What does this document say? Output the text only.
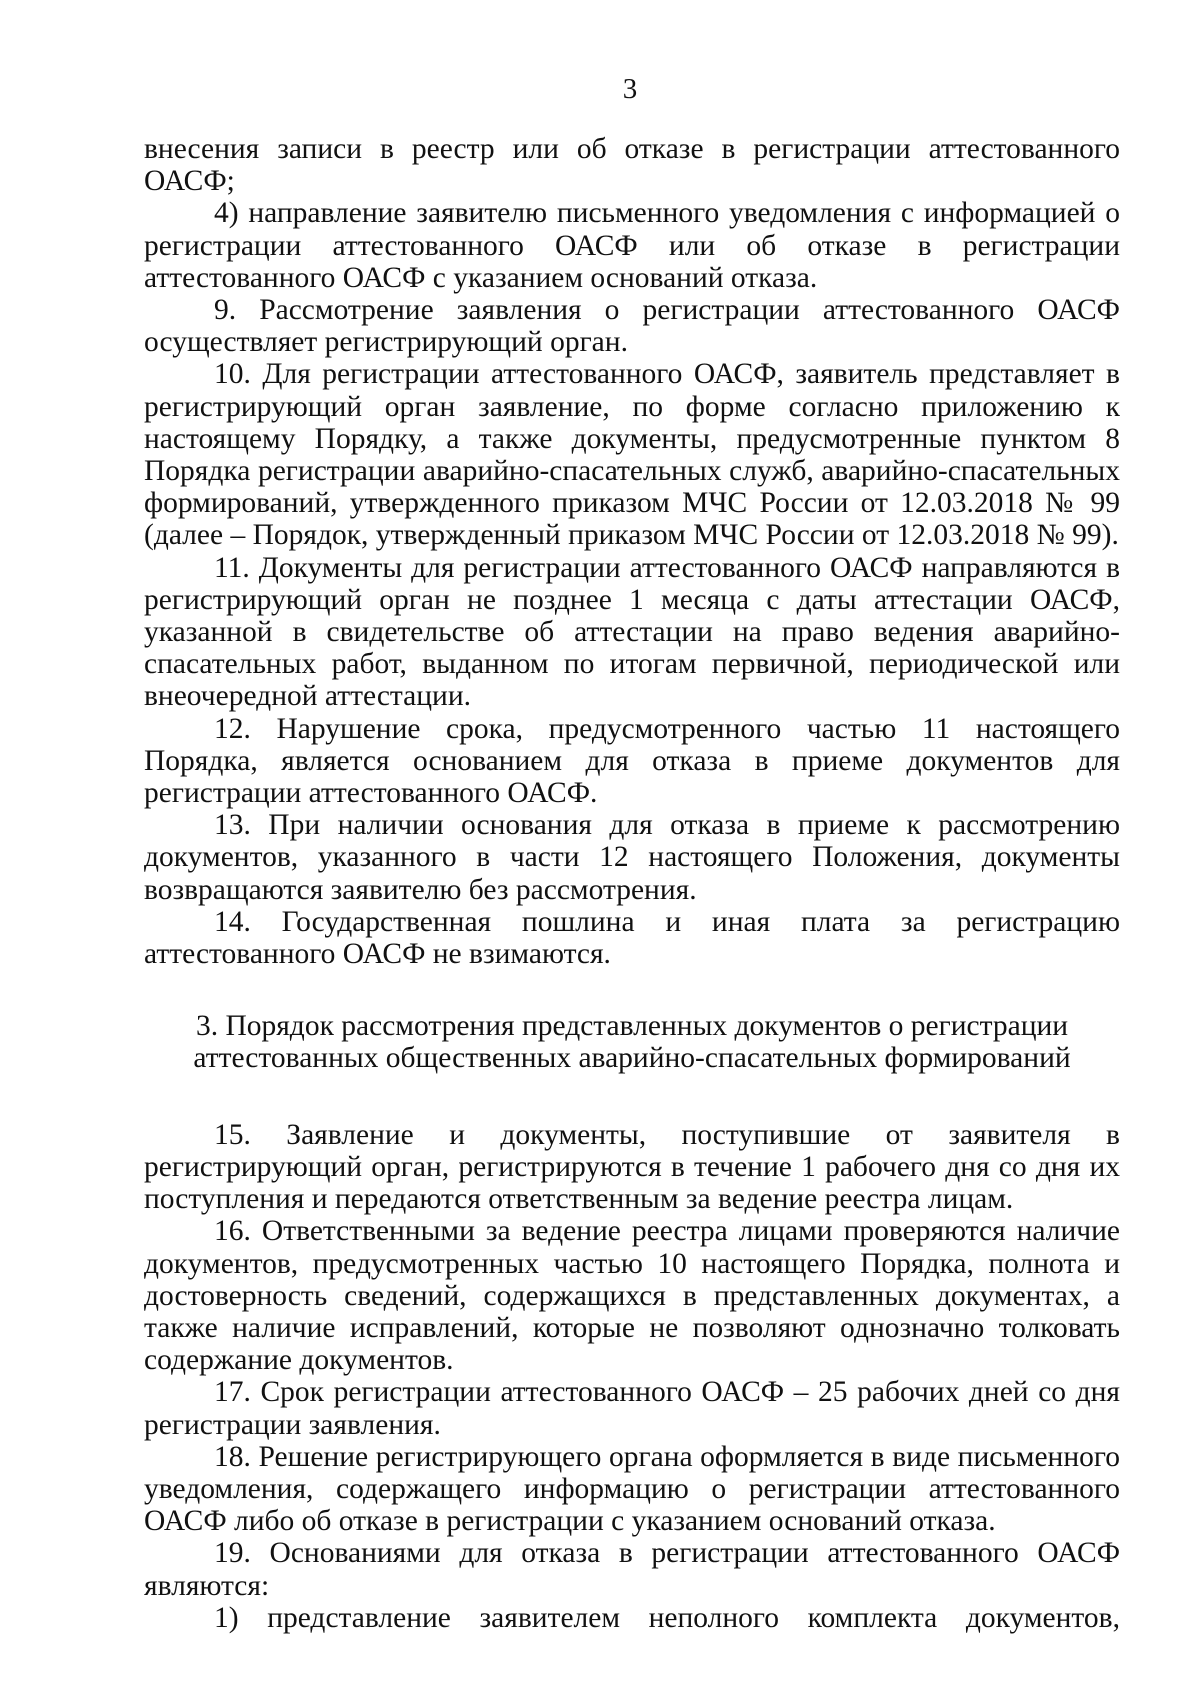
3

внесения записи в реестр или об отказе в регистрации аттестованного ОАСФ;

4) направление заявителю письменного уведомления с информацией о регистрации аттестованного ОАСФ или об отказе в регистрации аттестованного ОАСФ с указанием оснований отказа.

9. Рассмотрение заявления о регистрации аттестованного ОАСФ осуществляет регистрирующий орган.

10. Для регистрации аттестованного ОАСФ, заявитель представляет в регистрирующий орган заявление, по форме согласно приложению к настоящему Порядку, а также документы, предусмотренные пунктом 8 Порядка регистрации аварийно-спасательных служб, аварийно-спасательных формирований, утвержденного приказом МЧС России от 12.03.2018 № 99 (далее – Порядок, утвержденный приказом МЧС России от 12.03.2018 № 99).

11. Документы для регистрации аттестованного ОАСФ направляются в регистрирующий орган не позднее 1 месяца с даты аттестации ОАСФ, указанной в свидетельстве об аттестации на право ведения аварийно-спасательных работ, выданном по итогам первичной, периодической или внеочередной аттестации.

12. Нарушение срока, предусмотренного частью 11 настоящего Порядка, является основанием для отказа в приеме документов для регистрации аттестованного ОАСФ.

13. При наличии основания для отказа в приеме к рассмотрению документов, указанного в части 12 настоящего Положения, документы возвращаются заявителю без рассмотрения.

14. Государственная пошлина и иная плата за регистрацию аттестованного ОАСФ не взимаются.

3. Порядок рассмотрения представленных документов о регистрации
аттестованных общественных аварийно-спасательных формирований

15. Заявление и документы, поступившие от заявителя в регистрирующий орган, регистрируются в течение 1 рабочего дня со дня их поступления и передаются ответственным за ведение реестра лицам.

16. Ответственными за ведение реестра лицами проверяются наличие документов, предусмотренных частью 10 настоящего Порядка, полнота и достоверность сведений, содержащихся в представленных документах, а также наличие исправлений, которые не позволяют однозначно толковать содержание документов.

17. Срок регистрации аттестованного ОАСФ – 25 рабочих дней со дня регистрации заявления.

18. Решение регистрирующего органа оформляется в виде письменного уведомления, содержащего информацию о регистрации аттестованного ОАСФ либо об отказе в регистрации с указанием оснований отказа.

19. Основаниями для отказа в регистрации аттестованного ОАСФ являются:

1) представление заявителем неполного комплекта документов,
